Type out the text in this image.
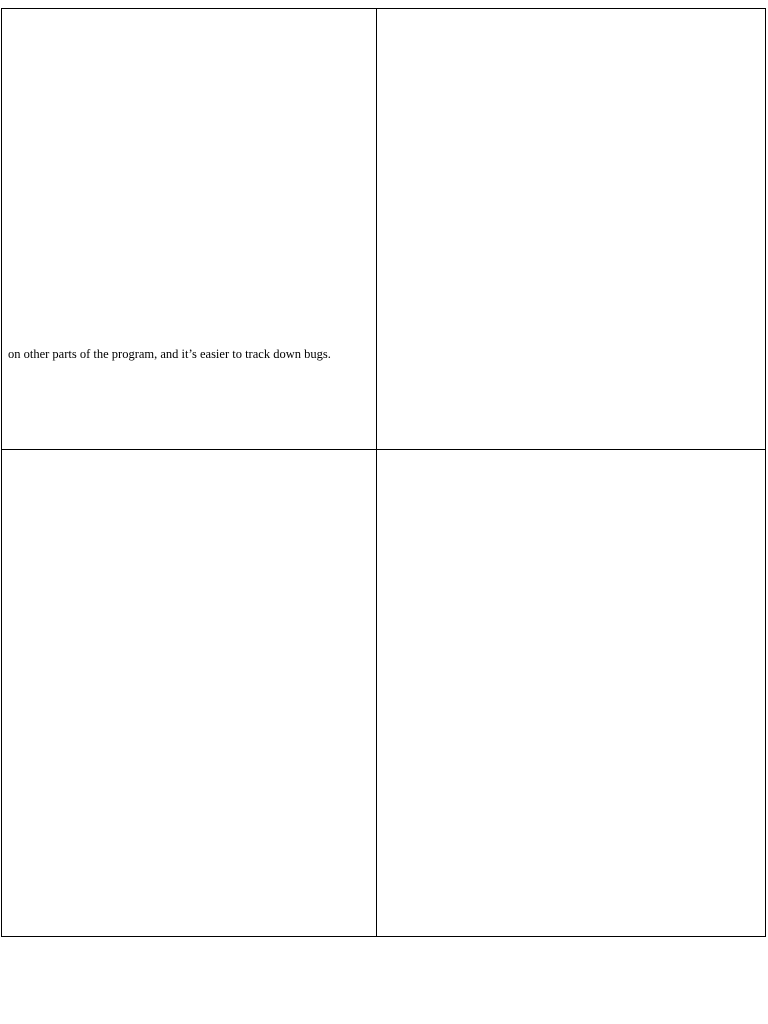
on other parts of the program, and it’s easier to track down bugs.	
